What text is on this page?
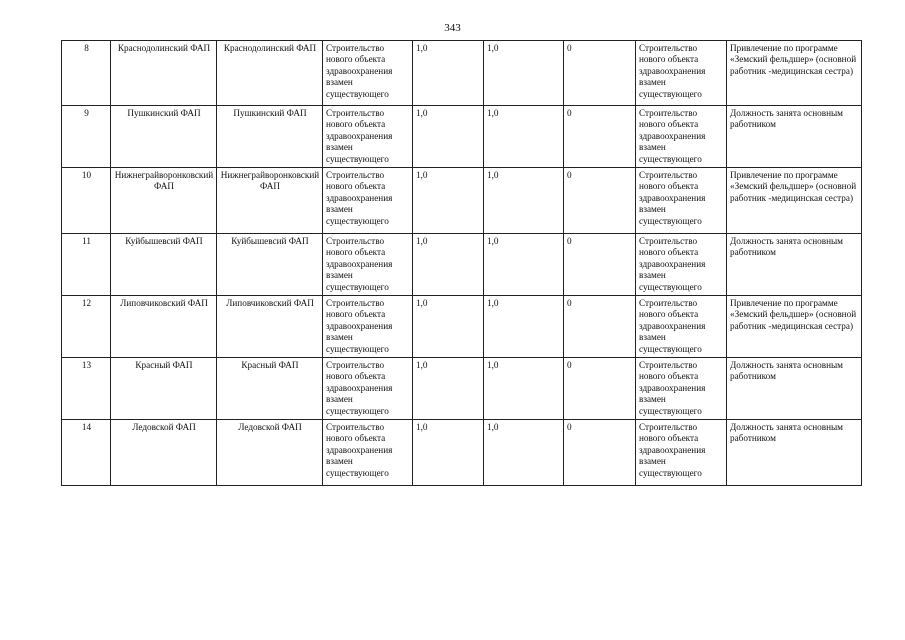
343
8	Краснодолинский ФАП	Краснодолинский ФАП	Строительство нового объекта здравоохранения взамен существующего	1,0	1,0	0	Строительство нового объекта здравоохранения взамен существующего	Привлечение по программе «Земский фельдшер» (основной работник -медицинская сестра)
9	Пушкинский ФАП	Пушкинский ФАП	Строительство нового объекта здравоохранения взамен существующего	1,0	1,0	0	Строительство нового объекта здравоохранения взамен существующего	Должность занята основным работником
10	Нижнеграйворонковский ФАП	Нижнеграйворонковский ФАП	Строительство нового объекта здравоохранения взамен существующего	1,0	1,0	0	Строительство нового объекта здравоохранения взамен существующего	Привлечение по программе «Земский фельдшер» (основной работник -медицинская сестра)
11	Куйбышевсий ФАП	Куйбышевсий ФАП	Строительство нового объекта здравоохранения взамен существующего	1,0	1,0	0	Строительство нового объекта здравоохранения взамен существующего	Должность занята основным работником
12	Липовчиковский ФАП	Липовчиковский ФАП	Строительство нового объекта здравоохранения взамен существующего	1,0	1,0	0	Строительство нового объекта здравоохранения взамен существующего	Привлечение по программе «Земский фельдшер» (основной работник -медицинская сестра)
13	Красный ФАП	Красный ФАП	Строительство нового объекта здравоохранения взамен существующего	1,0	1,0	0	Строительство нового объекта здравоохранения взамен существующего	Должность занята основным работником
14	Ледовской ФАП	Ледовской ФАП	Строительство нового объекта здравоохранения взамен существующего	1,0	1,0	0	Строительство нового объекта здравоохранения взамен существующего	Должность занята основным работником
